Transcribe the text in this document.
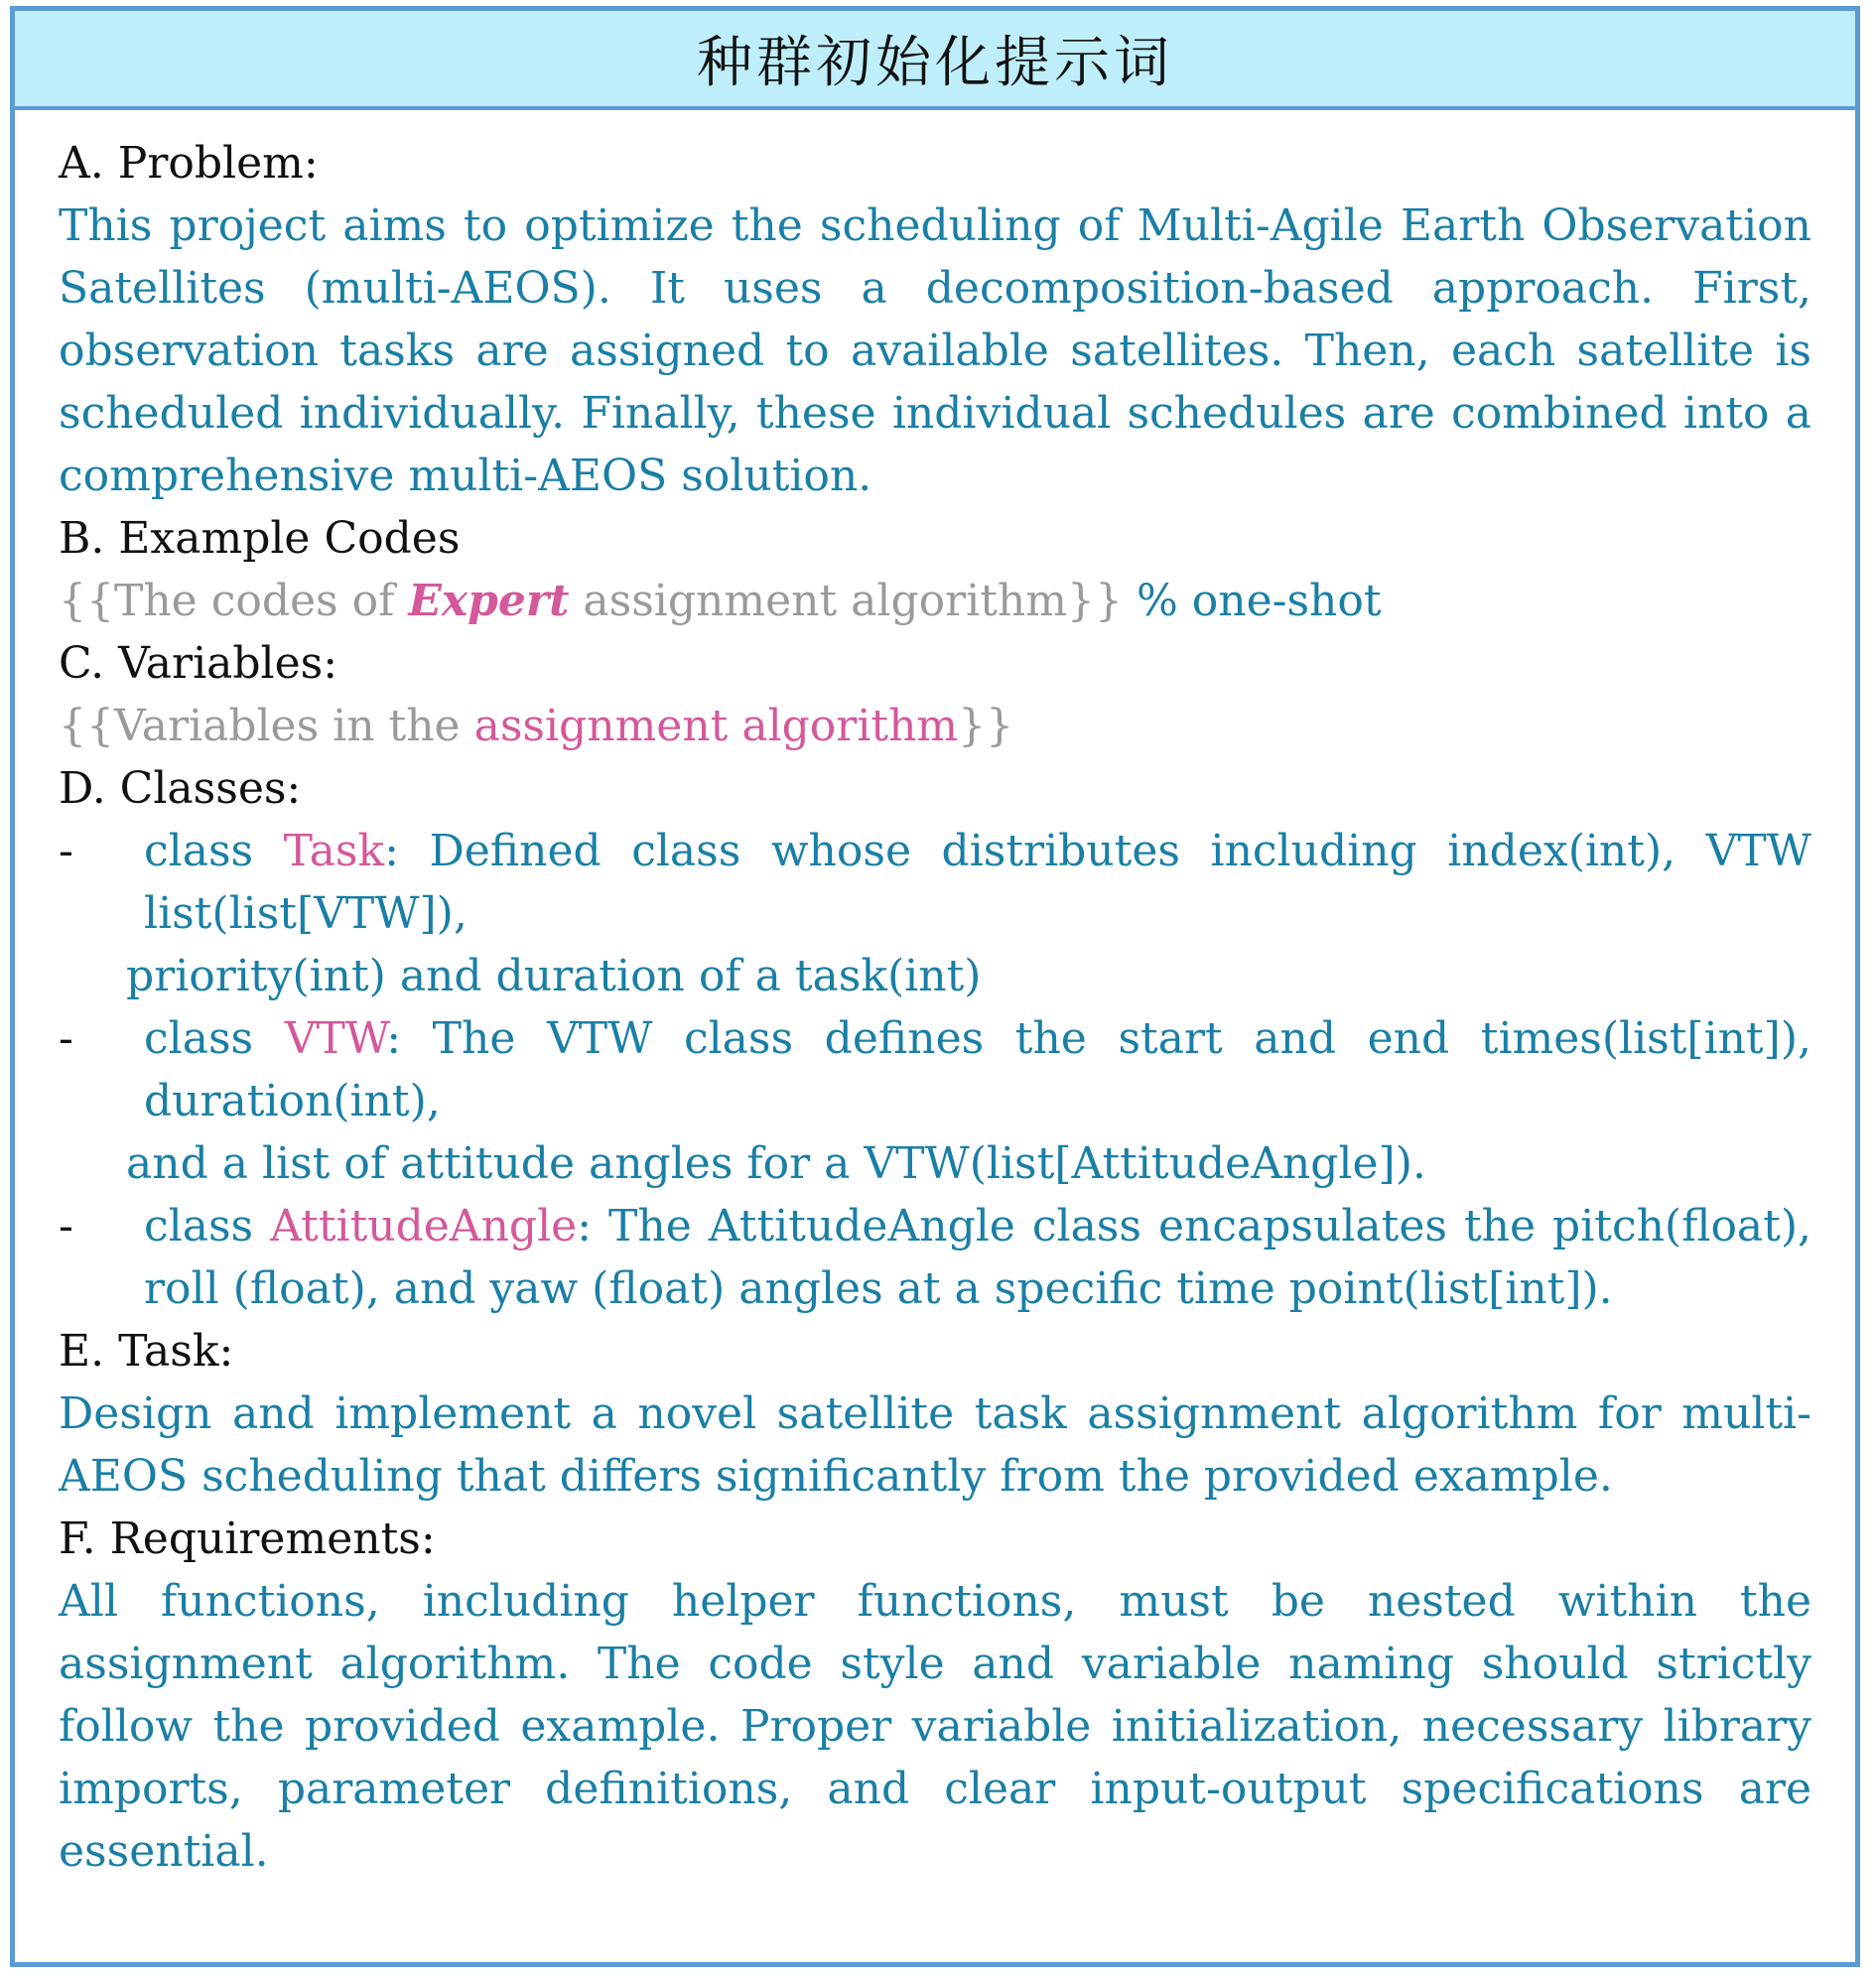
种群初始化提示词
A. Problem:
This project aims to optimize the scheduling of Multi-Agile Earth Observation Satellites (multi-AEOS). It uses a decomposition-based approach. First, observation tasks are assigned to available satellites. Then, each satellite is scheduled individually. Finally, these individual schedules are combined into a comprehensive multi-AEOS solution.
B. Example Codes
{{The codes of Expert assignment algorithm}} % one-shot
C. Variables:
{{Variables in the assignment algorithm}}
D. Classes:
-	class Task: Defined class whose distributes including index(int), VTW list(list[VTW]),
priority(int) and duration of a task(int)
-	class VTW: The VTW class defines the start and end times(list[int]), duration(int),
and a list of attitude angles for a VTW(list[AttitudeAngle]).
-	class AttitudeAngle: The AttitudeAngle class encapsulates the pitch(float), roll (float), and yaw (float) angles at a specific time point(list[int]).
E. Task:
Design and implement a novel satellite task assignment algorithm for multi-AEOS scheduling that differs significantly from the provided example.
F. Requirements:
All functions, including helper functions, must be nested within the assignment algorithm. The code style and variable naming should strictly follow the provided example. Proper variable initialization, necessary library imports, parameter definitions, and clear input-output specifications are essential.
